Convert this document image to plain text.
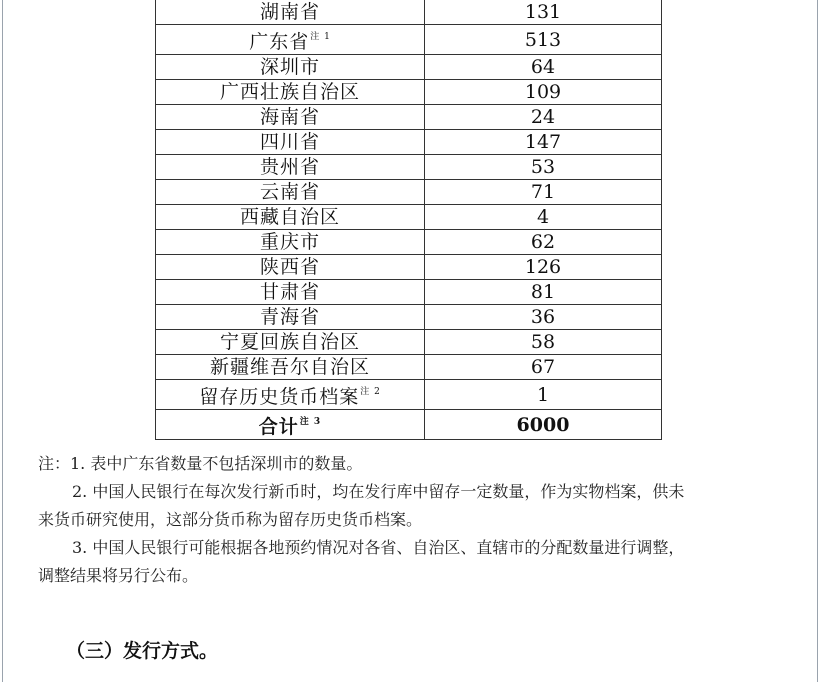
湖南省	131
广东省$^{注 1}$	513
深圳市	64
广西壮族自治区	109
海南省	24
四川省	147
贵州省	53
云南省	71
西藏自治区	4
重庆市	62
陕西省	126
甘肃省	81
青海省	36
宁夏回族自治区	58
新疆维吾尔自治区	67
留存历史货币档案$^{注 2}$	1
合计$^{注 3}$	6000

注：1. 表中广东省数量不包括深圳市的数量。

2. 中国人民银行在每次发行新币时，均在发行库中留存一定数量，作为实物档案，供未

来货币研究使用，这部分货币称为留存历史货币档案。

3. 中国人民银行可能根据各地预约情况对各省、自治区、直辖市的分配数量进行调整，

调整结果将另行公布。

（三）发行方式。
